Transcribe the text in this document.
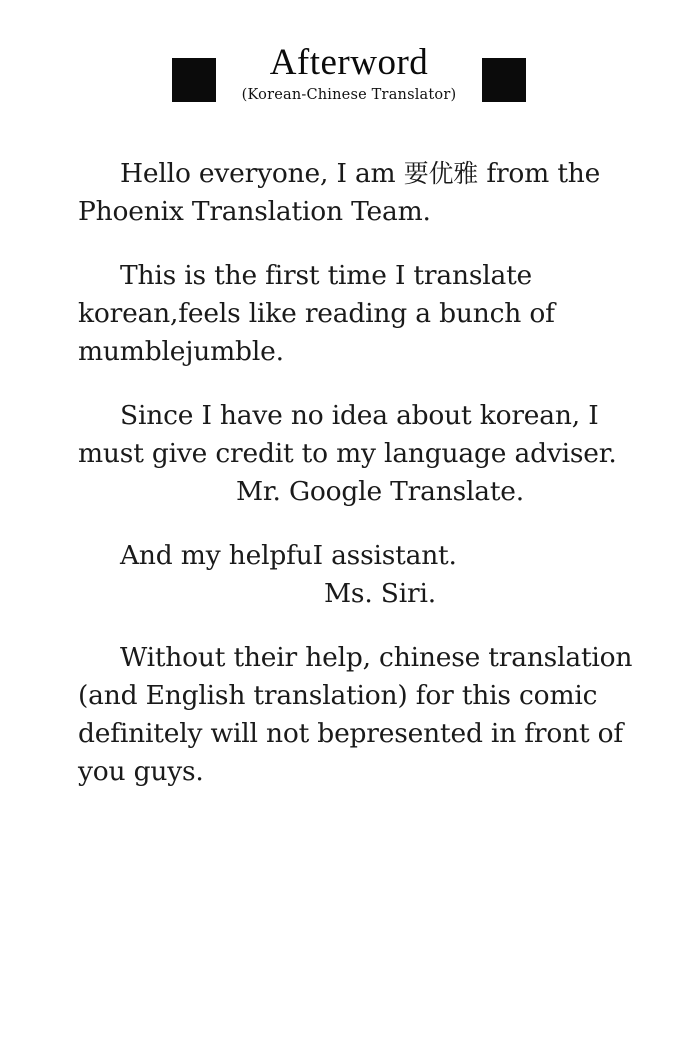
Afterword
(Korean-Chinese Translator)

Hello everyone, I am 要优雅 from the Phoenix Translation Team.

This is the first time I translate korean,feels like reading a bunch of mumblejumble.

Since I have no idea about korean, I must give credit to my language adviser.

Mr. Google Translate.

And my helpfuI assistant.

Ms. Siri.

Without their help, chinese translation (and English translation) for this comic definitely will not bepresented in front of you guys.
